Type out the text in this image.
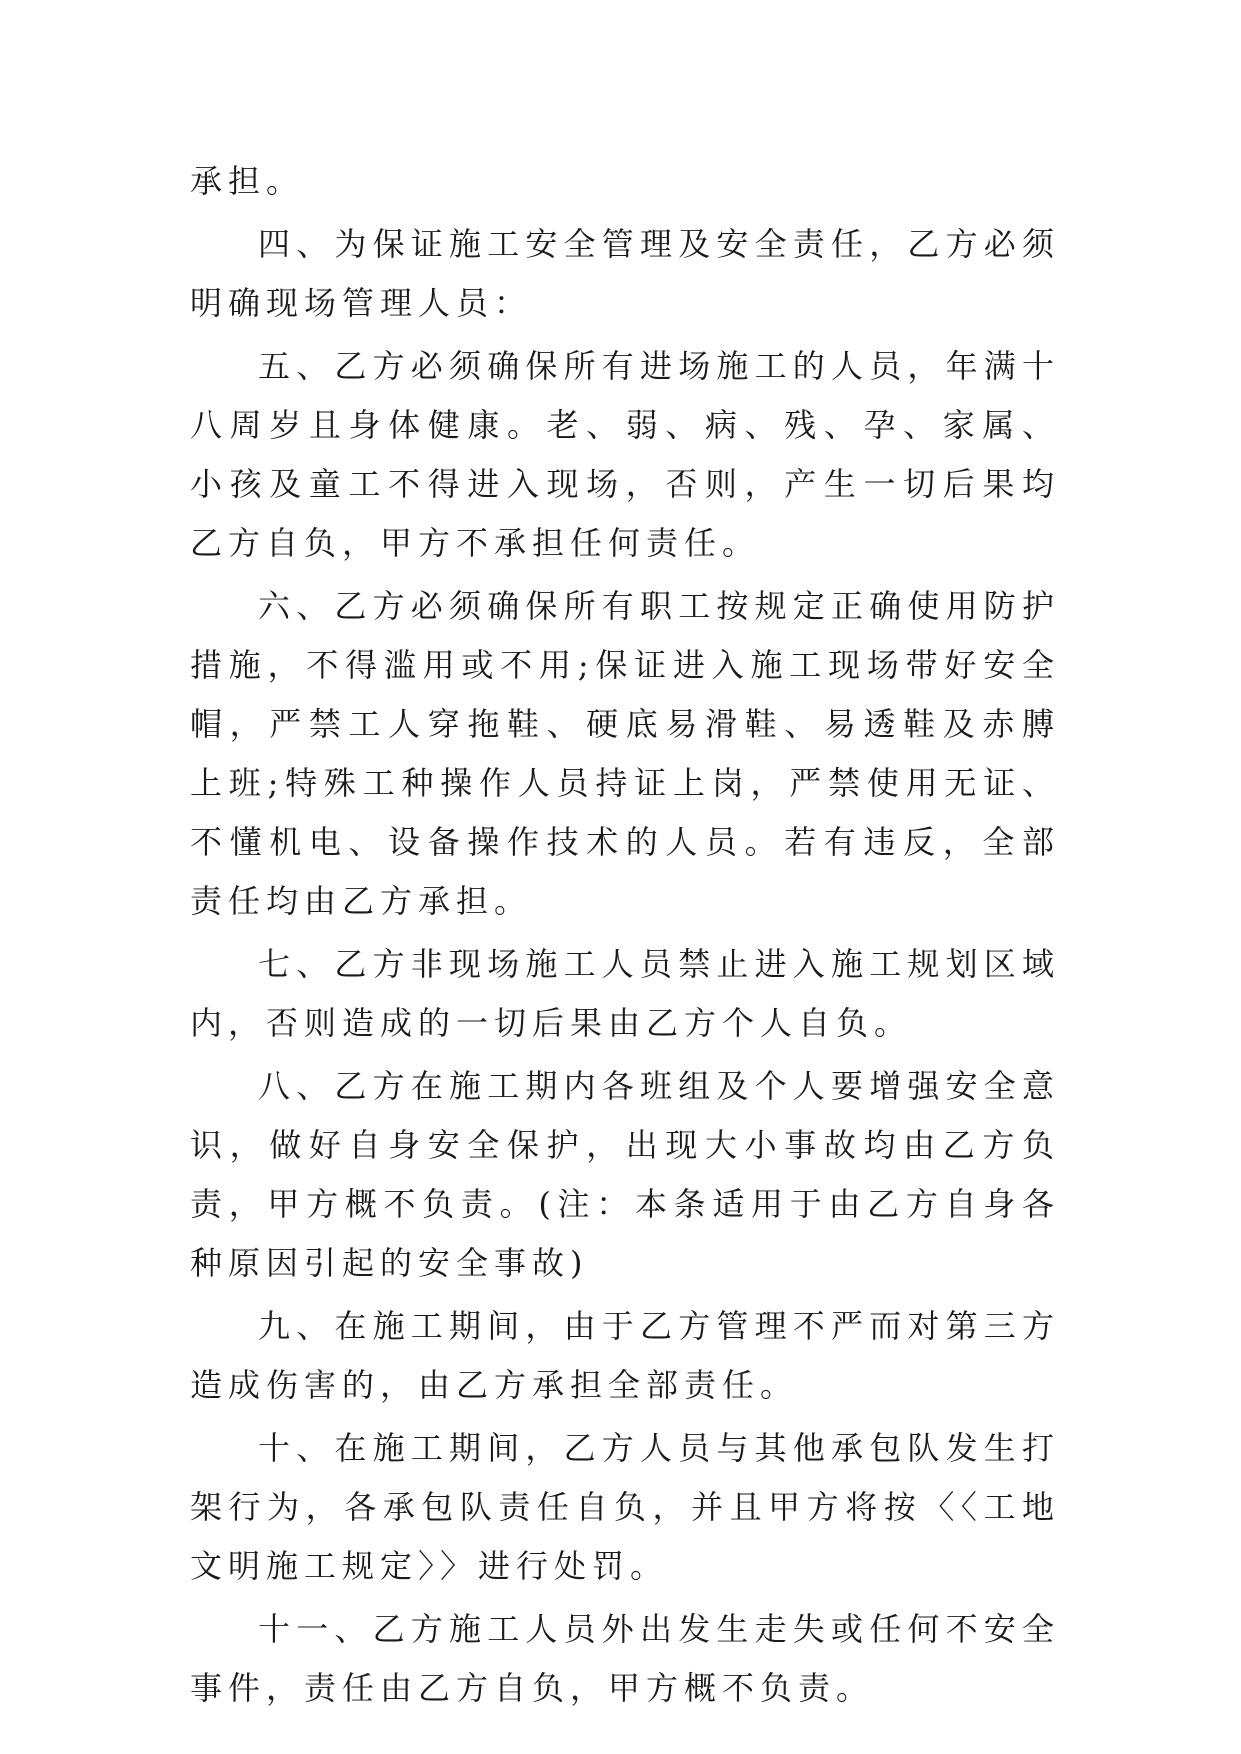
承担。

四、为保证施工安全管理及安全责任，乙方必须明确现场管理人员：

五、乙方必须确保所有进场施工的人员，年满十八周岁且身体健康。老、弱、病、残、孕、家属、小孩及童工不得进入现场，否则，产生一切后果均乙方自负，甲方不承担任何责任。

六、乙方必须确保所有职工按规定正确使用防护措施，不得滥用或不用;保证进入施工现场带好安全帽，严禁工人穿拖鞋、硬底易滑鞋、易透鞋及赤膊上班;特殊工种操作人员持证上岗，严禁使用无证、不懂机电、设备操作技术的人员。若有违反，全部责任均由乙方承担。

七、乙方非现场施工人员禁止进入施工规划区域内，否则造成的一切后果由乙方个人自负。

八、乙方在施工期内各班组及个人要增强安全意识，做好自身安全保护，出现大小事故均由乙方负责，甲方概不负责。(注：本条适用于由乙方自身各种原因引起的安全事故)

九、在施工期间，由于乙方管理不严而对第三方造成伤害的，由乙方承担全部责任。

十、在施工期间，乙方人员与其他承包队发生打架行为，各承包队责任自负，并且甲方将按〈〈工地文明施工规定〉〉进行处罚。

十一、乙方施工人员外出发生走失或任何不安全事件，责任由乙方自负，甲方概不负责。
